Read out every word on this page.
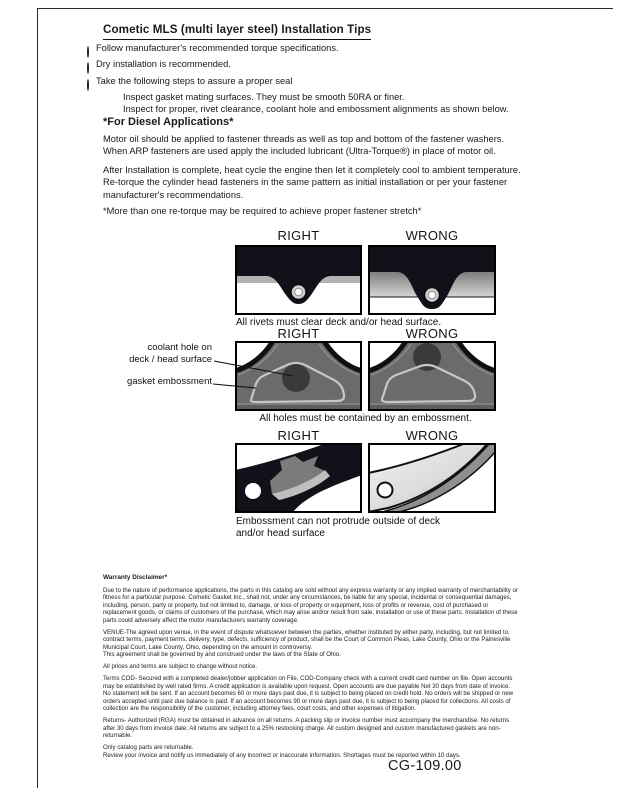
Cometic MLS (multi layer steel) Installation Tips
Follow manufacturer's recommended torque specifications.
Dry installation is recommended.
Take the following steps to assure a proper seal
Inspect gasket mating surfaces. They must be smooth 50RA or finer.
Inspect for proper, rivet clearance, coolant hole and embossment alignments as shown below.
*For Diesel Applications*
Motor oil should be applied to fastener threads as well as top and bottom of the fastener washers. When ARP fasteners are used apply the included lubricant (Ultra-Torque®) in place of motor oil.
After Installation is complete, heat cycle the engine then let it completely cool to ambient temperature. Re-torque the cylinder head fasteners in the same pattern as initial installation or per your fastener manufacturer's recommendations.
*More than one re-torque may be required to achieve proper fastener stretch*
RIGHT	WRONG
All rivets must clear deck and/or head surface.
RIGHT	WRONG
coolant hole on
deck / head surface
gasket embossment
All holes must be contained by an embossment.
RIGHT	WRONG
Embossment can not protrude outside of deck and/or head surface
Warranty Disclaimer*

Due to the nature of performance applications, the parts in this catalog are sold without any express warranty or any implied warranty of merchantability or fitness for a particular purpose. Cometic Gasket Inc., shall not, under any circumstances, be liable for any special, incidental or consequential damages, including, person, party or property, but not limited to, damage, or loss of property or equipment, loss of profits or revenue, cost of purchased or replacement goods, or claims of customers of the purchase, which may arise and/or result from sale, installation or use of these parts. Installation of these parts could adversely affect the motor manufacturers warranty coverage.

VENUE-The agreed upon venue, in the event of dispute whatsoever between the parties, whether instituted by either party, including, but not limited to, contract terms, payment terms, delivery, type, defects, sufficiency of product, shall be the Court of Common Pleas, Lake County, Ohio or the Painesville Municipal Court, Lake County, Ohio, depending on the amount in controversy.
This agreement shall be governed by and construed under the laws of the State of Ohio.

All prices and terms are subject to change without notice.

Terms COD- Secured with a completed dealer/jobber application on File, COD-Company check with a current credit card number on file. Open accounts may be established by well rated firms. A credit application is available upon request. Open accounts are due payable Net 30 days from date of invoice. No statement will be sent. If an account becomes 60 or more days past due, it is subject to being placed on credit hold. No orders will be shipped or new orders accepted until past due balance is paid. If an account becomes 90 or more days past due, it is subject to being placed for collections. All costs of collection are the responsibility of the customer, including attorney fees, court costs, and other expenses of litigation.

Returns- Authorized (RGA) must be obtained in advance on all returns. A packing slip or invoice number must accompany the merchandise. No returns after 30 days from invoice date. All returns are subject to a 25% restocking charge. All custom designed and custom manufactured gaskets are non-returnable.

Only catalog parts are returnable.
Review your invoice and notify us immediately of any incorrect or inaccurate information. Shortages must be reported within 10 days.

CG-109.00
